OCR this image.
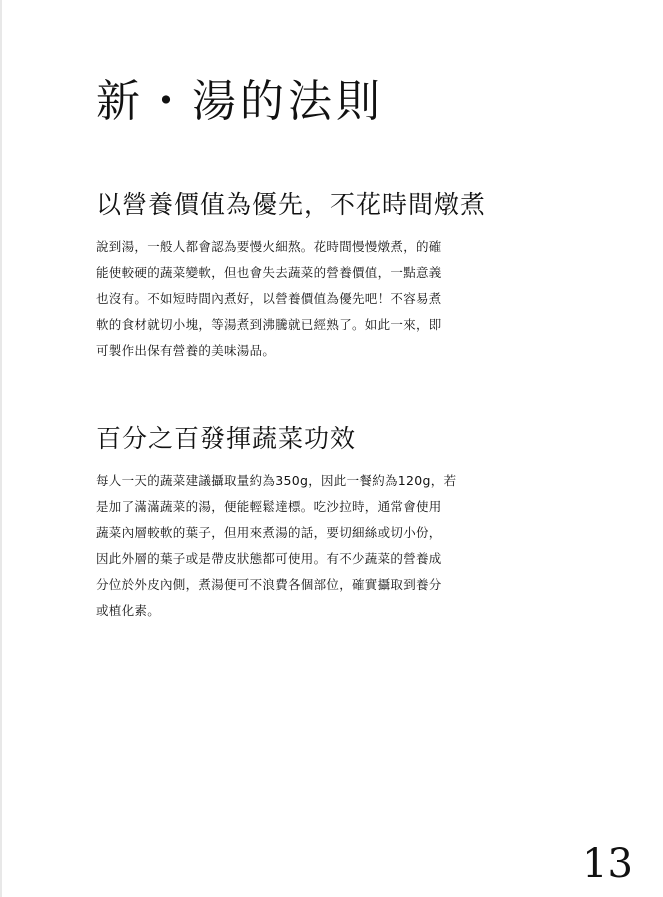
新・湯的法則
以營養價值為優先，不花時間燉煮

說到湯，一般人都會認為要慢火細熬。花時間慢慢燉煮，的確
能使較硬的蔬菜變軟，但也會失去蔬菜的營養價值，一點意義
也沒有。不如短時間內煮好，以營養價值為優先吧！不容易煮
軟的食材就切小塊，等湯煮到沸騰就已經熟了。如此一來，即
可製作出保有營養的美味湯品。

百分之百發揮蔬菜功效

每人一天的蔬菜建議攝取量約為350g，因此一餐約為120g，若
是加了滿滿蔬菜的湯，便能輕鬆達標。吃沙拉時，通常會使用
蔬菜內層較軟的葉子，但用來煮湯的話，要切細絲或切小份，
因此外層的葉子或是帶皮狀態都可使用。有不少蔬菜的營養成
分位於外皮內側，煮湯便可不浪費各個部位，確實攝取到養分
或植化素。

13
